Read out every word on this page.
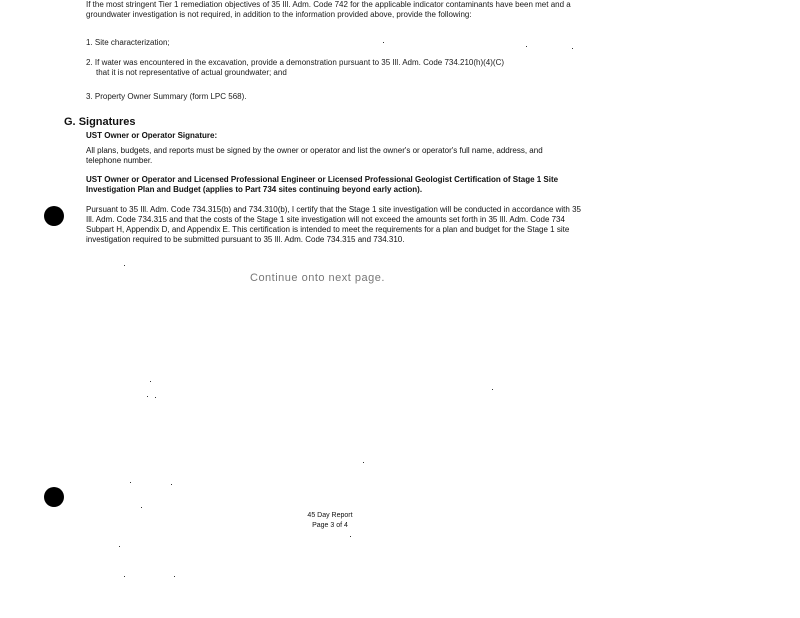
If the most stringent Tier 1 remediation objectives of 35 Ill. Adm. Code 742 for the applicable indicator contaminants have been met and a groundwater investigation is not required, in addition to the information provided above, provide the following:
1. Site characterization;
2. If water was encountered in the excavation, provide a demonstration pursuant to 35 Ill. Adm. Code 734.210(h)(4)(C)
that it is not representative of actual groundwater; and
3. Property Owner Summary (form LPC 568).
G. Signatures
UST Owner or Operator Signature:
All plans, budgets, and reports must be signed by the owner or operator and list the owner's or operator's full name, address, and telephone number.
UST Owner or Operator and Licensed Professional Engineer or Licensed Professional Geologist Certification of Stage 1 Site Investigation Plan and Budget (applies to Part 734 sites continuing beyond early action).
Pursuant to 35 Ill. Adm. Code 734.315(b) and 734.310(b), I certify that the Stage 1 site investigation will be conducted in accordance with 35 Ill. Adm. Code 734.315 and that the costs of the Stage 1 site investigation will not exceed the amounts set forth in 35 Ill. Adm. Code 734 Subpart H, Appendix D, and Appendix E. This certification is intended to meet the requirements for a plan and budget for the Stage 1 site investigation required to be submitted pursuant to 35 Ill. Adm. Code 734.315 and 734.310.
Continue onto next page.
45 Day Report
Page 3 of 4
